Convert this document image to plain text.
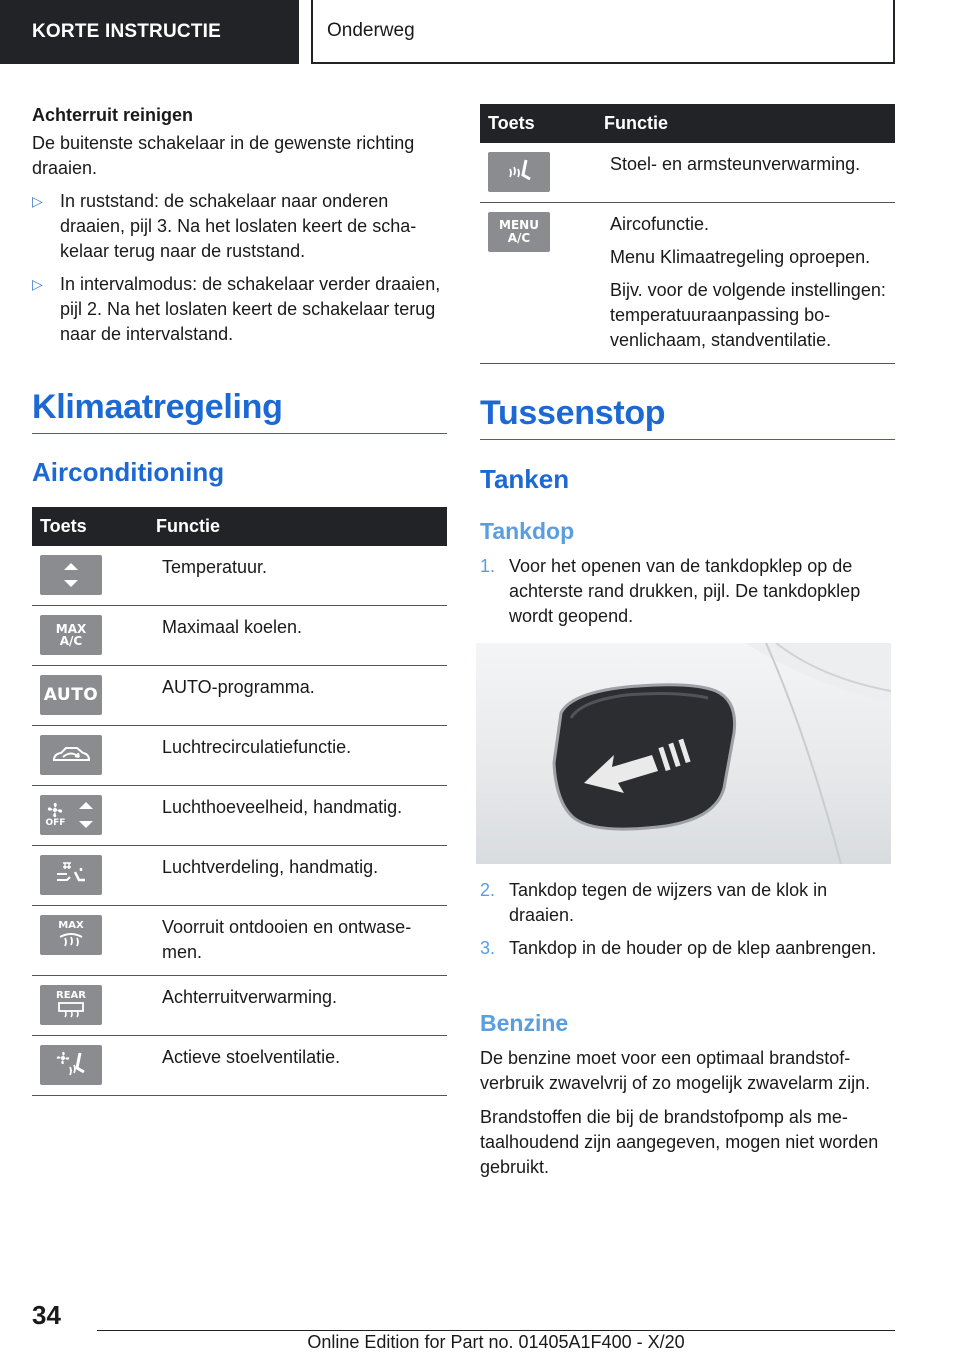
KORTE INSTRUCTIE	Onderweg
Achterruit reinigen

De buitenste schakelaar in de gewenste richting draaien.

▷ In ruststand: de schakelaar naar onderen draaien, pijl 3. Na het loslaten keert de schakelaar terug naar de ruststand.
▷ In intervalmodus: de schakelaar verder draaien, pijl 2. Na het loslaten keert de schakelaar terug naar de intervalstand.
Klimaatregeling
Airconditioning
Toets	Functie

	Temperatuur.

MAX
A/C	Maximaal koelen.

AUTO	AUTO-programma.

	Luchtrecirculatiefunctie.

OFF	Luchthoeveelheid, handmatig.

	Luchtverdeling, handmatig.

MAX	Voorruit ontdooien en ontwasemen.

REAR	Achterruitverwarming.

	Actieve stoelventilatie.
Toets	Functie

Stoel- en armsteunverwarming.

MENU
A/C	Aircofunctie.
Menu Klimaatregeling oproepen.
Bijv. voor de volgende instellingen: temperatuuraanpassing bovenlichaam, standventilatie.
Tussenstop
Tanken
Tankdop
1. Voor het openen van de tankdopklep op de achterste rand drukken, pijl. De tankdopklep wordt geopend.
2. Tankdop tegen de wijzers van de klok in draaien.
3. Tankdop in de houder op de klep aanbrengen.
Benzine

De benzine moet voor een optimaal brandstofverbruik zwavelvrij of zo mogelijk zwavelarm zijn.

Brandstoffen die bij de brandstofpomp als metaalhoudend zijn aangegeven, mogen niet worden gebruikt.

34
Online Edition for Part no. 01405A1F400 - X/20
